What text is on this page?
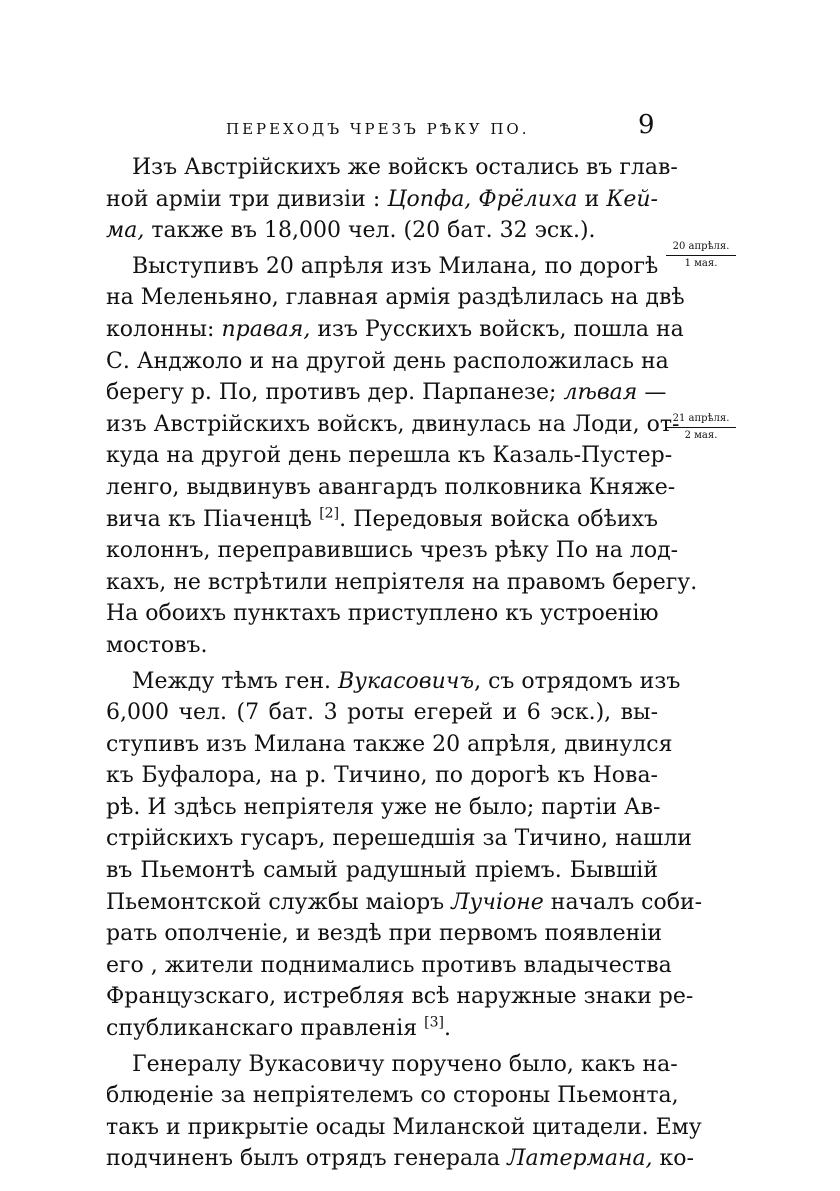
ПЕРЕХОДЪ ЧРЕЗЪ РѢКУ ПО.	9
20 апрѣля.
1 мая.
21 апрѣля.
2 мая.
Изъ Австрійскихъ же войскъ остались въ глав-
ной арміи три дивизіи : Цопфа, Фрёлиха и Кей-
ма, также въ 18,000 чел. (20 бат. 32 эск.).
Выступивъ 20 апрѣля изъ Милана, по дорогѣ
на Меленьяно, главная армія раздѣлилась на двѣ
колонны: правая, изъ Русскихъ войскъ, пошла на
С. Анджоло и на другой день расположилась на
берегу р. По, противъ дер. Парпанезе; лѣвая —
изъ Австрійскихъ войскъ, двинулась на Лоди, от-
куда на другой день перешла къ Казаль-Пустер-
ленго, выдвинувъ авангардъ полковника Княже-
вича къ Піаченцѣ [2]. Передовыя войска обѣихъ
колоннъ, переправившись чрезъ рѣку По на лод-
кахъ, не встрѣтили непріятеля на правомъ берегу.
На обоихъ пунктахъ приступлено къ устроенію
мостовъ.
Между тѣмъ ген. Вукасовичъ, съ отрядомъ изъ
6,000 чел. (7 бат. 3 роты егерей и 6 эск.), вы-
ступивъ изъ Милана также 20 апрѣля, двинулся
къ Буфалора, на р. Тичино, по дорогѣ къ Нова-
рѣ. И здѣсь непріятеля уже не было; партіи Ав-
стрійскихъ гусаръ, перешедшія за Тичино, нашли
въ Пьемонтѣ самый радушный пріемъ. Бывшій
Пьемонтской службы маіоръ Лучіоне началъ соби-
рать ополченіе, и вездѣ при первомъ появленіи
его , жители поднимались противъ владычества
Французскаго, истребляя всѣ наружные знаки ре-
спубликанскаго правленія [3].
Генералу Вукасовичу поручено было, какъ на-
блюденіе за непріятелемъ со стороны Пьемонта,
такъ и прикрытіе осады Миланской цитадели. Ему
подчиненъ былъ отрядъ генерала Латермана, ко-
